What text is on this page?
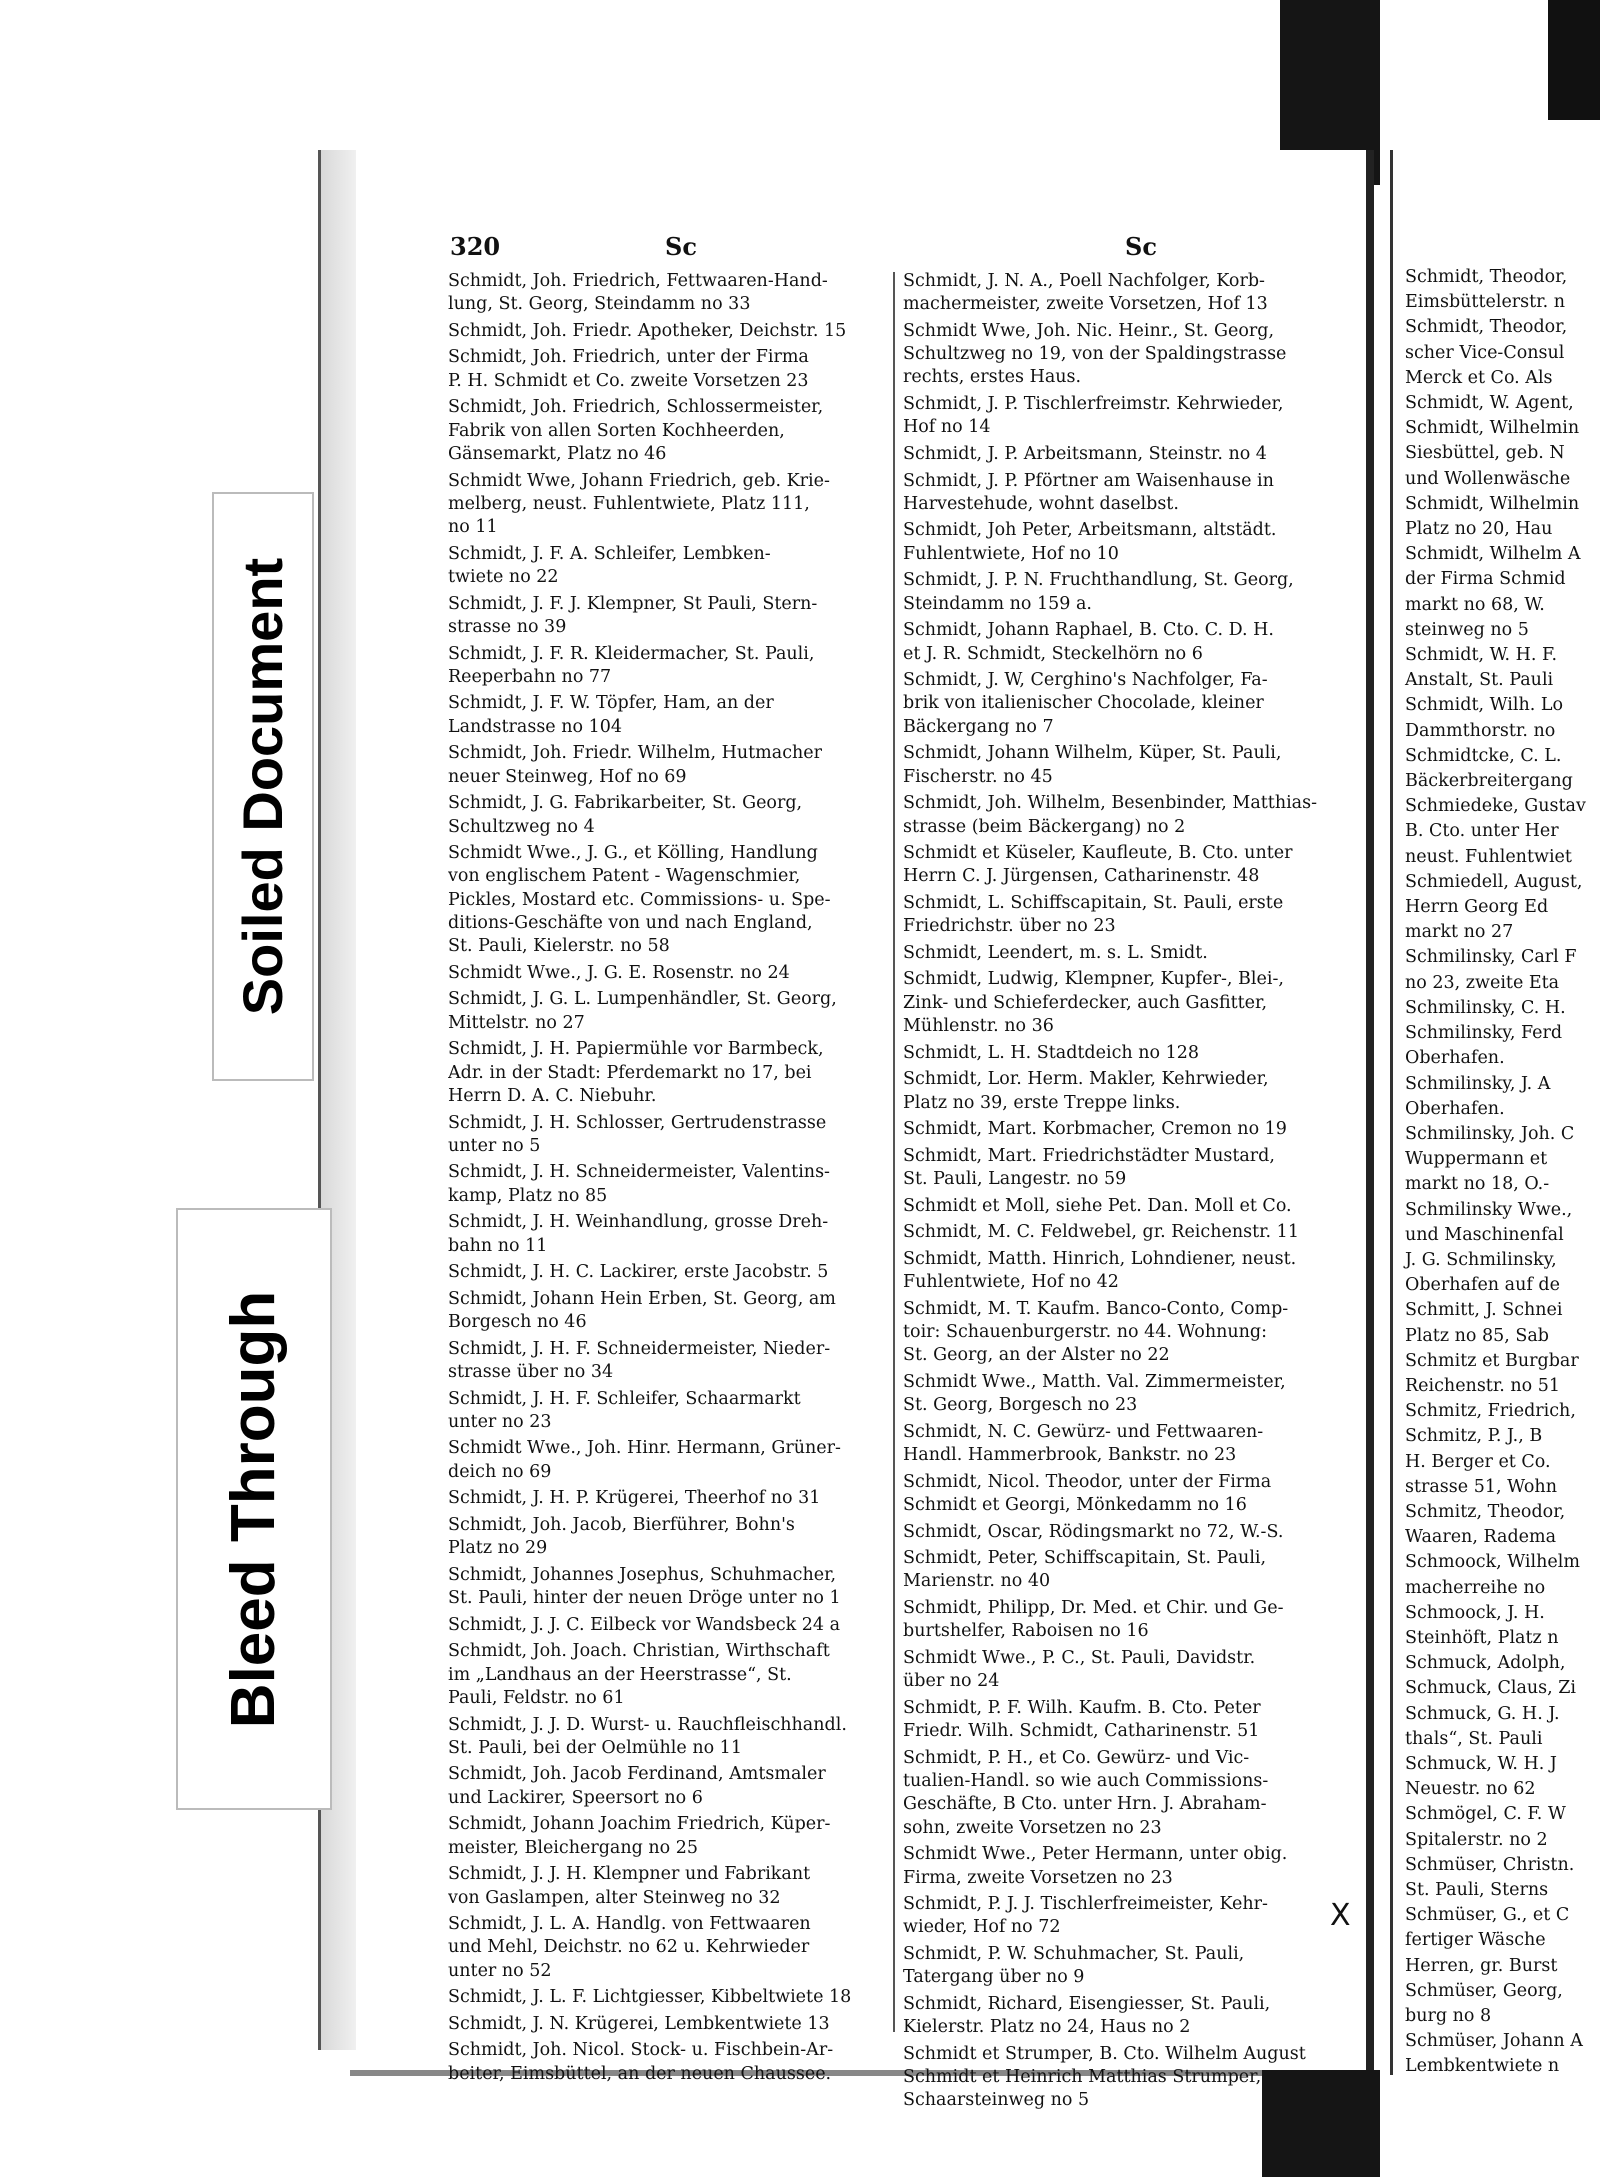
Soiled Document
Bleed Through
320	Sc	Sc
Schmidt, Joh. Friedrich, Fettwaaren-Hand-
lung, St. Georg, Steindamm no 33
Schmidt, Joh. Friedr. Apotheker, Deichstr. 15
Schmidt, Joh. Friedrich, unter der Firma
P. H. Schmidt et Co. zweite Vorsetzen 23
Schmidt, Joh. Friedrich, Schlossermeister,
Fabrik von allen Sorten Kochheerden,
Gänsemarkt, Platz no 46
Schmidt Wwe, Johann Friedrich, geb. Krie-
melberg, neust. Fuhlentwiete, Platz 111,
no 11
Schmidt, J. F. A. Schleifer, Lembken-
twiete no 22
Schmidt, J. F. J. Klempner, St Pauli, Stern-
strasse no 39
Schmidt, J. F. R. Kleidermacher, St. Pauli,
Reeperbahn no 77
Schmidt, J. F. W. Töpfer, Ham, an der
Landstrasse no 104
Schmidt, Joh. Friedr. Wilhelm, Hutmacher
neuer Steinweg, Hof no 69
Schmidt, J. G. Fabrikarbeiter, St. Georg,
Schultzweg no 4
Schmidt Wwe., J. G., et Kölling, Handlung
von englischem Patent - Wagenschmier,
Pickles, Mostard etc. Commissions- u. Spe-
ditions-Geschäfte von und nach England,
St. Pauli, Kielerstr. no 58
Schmidt Wwe., J. G. E. Rosenstr. no 24
Schmidt, J. G. L. Lumpenhändler, St. Georg,
Mittelstr. no 27
Schmidt, J. H. Papiermühle vor Barmbeck,
Adr. in der Stadt: Pferdemarkt no 17, bei
Herrn D. A. C. Niebuhr.
Schmidt, J. H. Schlosser, Gertrudenstrasse
unter no 5
Schmidt, J. H. Schneidermeister, Valentins-
kamp, Platz no 85
Schmidt, J. H. Weinhandlung, grosse Dreh-
bahn no 11
Schmidt, J. H. C. Lackirer, erste Jacobstr. 5
Schmidt, Johann Hein Erben, St. Georg, am
Borgesch no 46
Schmidt, J. H. F. Schneidermeister, Nieder-
strasse über no 34
Schmidt, J. H. F. Schleifer, Schaarmarkt
unter no 23
Schmidt Wwe., Joh. Hinr. Hermann, Grüner-
deich no 69
Schmidt, J. H. P. Krügerei, Theerhof no 31
Schmidt, Joh. Jacob, Bierführer, Bohn's
Platz no 29
Schmidt, Johannes Josephus, Schuhmacher,
St. Pauli, hinter der neuen Dröge unter no 1
Schmidt, J. J. C. Eilbeck vor Wandsbeck 24 a
Schmidt, Joh. Joach. Christian, Wirthschaft
im „Landhaus an der Heerstrasse“, St.
Pauli, Feldstr. no 61
Schmidt, J. J. D. Wurst- u. Rauchfleischhandl.
St. Pauli, bei der Oelmühle no 11
Schmidt, Joh. Jacob Ferdinand, Amtsmaler
und Lackirer, Speersort no 6
Schmidt, Johann Joachim Friedrich, Küper-
meister, Bleichergang no 25
Schmidt, J. J. H. Klempner und Fabrikant
von Gaslampen, alter Steinweg no 32
Schmidt, J. L. A. Handlg. von Fettwaaren
und Mehl, Deichstr. no 62 u. Kehrwieder
unter no 52
Schmidt, J. L. F. Lichtgiesser, Kibbeltwiete 18
Schmidt, J. N. Krügerei, Lembkentwiete 13
Schmidt, Joh. Nicol. Stock- u. Fischbein-Ar-
beiter, Eimsbüttel, an der neuen Chaussee.
Schmidt, J. N. A., Poell Nachfolger, Korb-
machermeister, zweite Vorsetzen, Hof 13
Schmidt Wwe, Joh. Nic. Heinr., St. Georg,
Schultzweg no 19, von der Spaldingstrasse
rechts, erstes Haus.
Schmidt, J. P. Tischlerfreimstr. Kehrwieder,
Hof no 14
Schmidt, J. P. Arbeitsmann, Steinstr. no 4
Schmidt, J. P. Pförtner am Waisenhause in
Harvestehude, wohnt daselbst.
Schmidt, Joh Peter, Arbeitsmann, altstädt.
Fuhlentwiete, Hof no 10
Schmidt, J. P. N. Fruchthandlung, St. Georg,
Steindamm no 159 a.
Schmidt, Johann Raphael, B. Cto. C. D. H.
et J. R. Schmidt, Steckelhörn no 6
Schmidt, J. W, Cerghino's Nachfolger, Fa-
brik von italienischer Chocolade, kleiner
Bäckergang no 7
Schmidt, Johann Wilhelm, Küper, St. Pauli,
Fischerstr. no 45
Schmidt, Joh. Wilhelm, Besenbinder, Matthias-
strasse (beim Bäckergang) no 2
Schmidt et Küseler, Kaufleute, B. Cto. unter
Herrn C. J. Jürgensen, Catharinenstr. 48
Schmidt, L. Schiffscapitain, St. Pauli, erste
Friedrichstr. über no 23
Schmidt, Leendert, m. s. L. Smidt.
Schmidt, Ludwig, Klempner, Kupfer-, Blei-,
Zink- und Schieferdecker, auch Gasfitter,
Mühlenstr. no 36
Schmidt, L. H. Stadtdeich no 128
Schmidt, Lor. Herm. Makler, Kehrwieder,
Platz no 39, erste Treppe links.
Schmidt, Mart. Korbmacher, Cremon no 19
Schmidt, Mart. Friedrichstädter Mustard,
St. Pauli, Langestr. no 59
Schmidt et Moll, siehe Pet. Dan. Moll et Co.
Schmidt, M. C. Feldwebel, gr. Reichenstr. 11
Schmidt, Matth. Hinrich, Lohndiener, neust.
Fuhlentwiete, Hof no 42
Schmidt, M. T. Kaufm. Banco-Conto, Comp-
toir: Schauenburgerstr. no 44. Wohnung:
St. Georg, an der Alster no 22
Schmidt Wwe., Matth. Val. Zimmermeister,
St. Georg, Borgesch no 23
Schmidt, N. C. Gewürz- und Fettwaaren-
Handl. Hammerbrook, Bankstr. no 23
Schmidt, Nicol. Theodor, unter der Firma
Schmidt et Georgi, Mönkedamm no 16
Schmidt, Oscar, Rödingsmarkt no 72, W.-S.
Schmidt, Peter, Schiffscapitain, St. Pauli,
Marienstr. no 40
Schmidt, Philipp, Dr. Med. et Chir. und Ge-
burtshelfer, Raboisen no 16
Schmidt Wwe., P. C., St. Pauli, Davidstr.
über no 24
Schmidt, P. F. Wilh. Kaufm. B. Cto. Peter
Friedr. Wilh. Schmidt, Catharinenstr. 51
Schmidt, P. H., et Co. Gewürz- und Vic-
tualien-Handl. so wie auch Commissions-
Geschäfte, B Cto. unter Hrn. J. Abraham-
sohn, zweite Vorsetzen no 23
Schmidt Wwe., Peter Hermann, unter obig.
Firma, zweite Vorsetzen no 23
Schmidt, P. J. J. Tischlerfreimeister, Kehr-
wieder, Hof no 72
Schmidt, P. W. Schuhmacher, St. Pauli,
Tatergang über no 9
Schmidt, Richard, Eisengiesser, St. Pauli,
Kielerstr. Platz no 24, Haus no 2
Schmidt et Strumper, B. Cto. Wilhelm August
Schmidt et Heinrich Matthias Strumper,
Schaarsteinweg no 5
Schmidt, Theodor,
Eimsbüttelerstr. n
Schmidt, Theodor,
scher Vice-Consul
Merck et Co. Als
Schmidt, W. Agent,
Schmidt, Wilhelmin
Siesbüttel, geb. N
und Wollenwäsche
Schmidt, Wilhelmin
Platz no 20, Hau
Schmidt, Wilhelm A
der Firma Schmid
markt no 68, W.
steinweg no 5
Schmidt, W. H. F.
Anstalt, St. Pauli
Schmidt, Wilh. Lo
Dammthorstr. no
Schmidtcke, C. L.
Bäckerbreitergang
Schmiedeke, Gustav
B. Cto. unter Her
neust. Fuhlentwiet
Schmiedell, August,
Herrn Georg Ed
markt no 27
Schmilinsky, Carl F
no 23, zweite Eta
Schmilinsky, C. H.
Schmilinsky, Ferd
Oberhafen.
Schmilinsky, J. A
Oberhafen.
Schmilinsky, Joh. C
Wuppermann et
markt no 18, O.-
Schmilinsky Wwe.,
und Maschinenfal
J. G. Schmilinsky,
Oberhafen auf de
Schmitt, J. Schnei
Platz no 85, Sab
Schmitz et Burgbar
Reichenstr. no 51
Schmitz, Friedrich,
Schmitz, P. J., B
H. Berger et Co.
strasse 51, Wohn
Schmitz, Theodor,
Waaren, Radema
Schmoock, Wilhelm
macherreihe no
Schmoock, J. H.
Steinhöft, Platz n
Schmuck, Adolph,
Schmuck, Claus, Zi
Schmuck, G. H. J.
thals“, St. Pauli
Schmuck, W. H. J
Neuestr. no 62
Schmögel, C. F. W
Spitalerstr. no 2
Schmüser, Christn.
St. Pauli, Sterns
Schmüser, G., et C
fertiger Wäsche
Herren, gr. Burst
Schmüser, Georg,
burg no 8
Schmüser, Johann A
Lembkentwiete n
X
